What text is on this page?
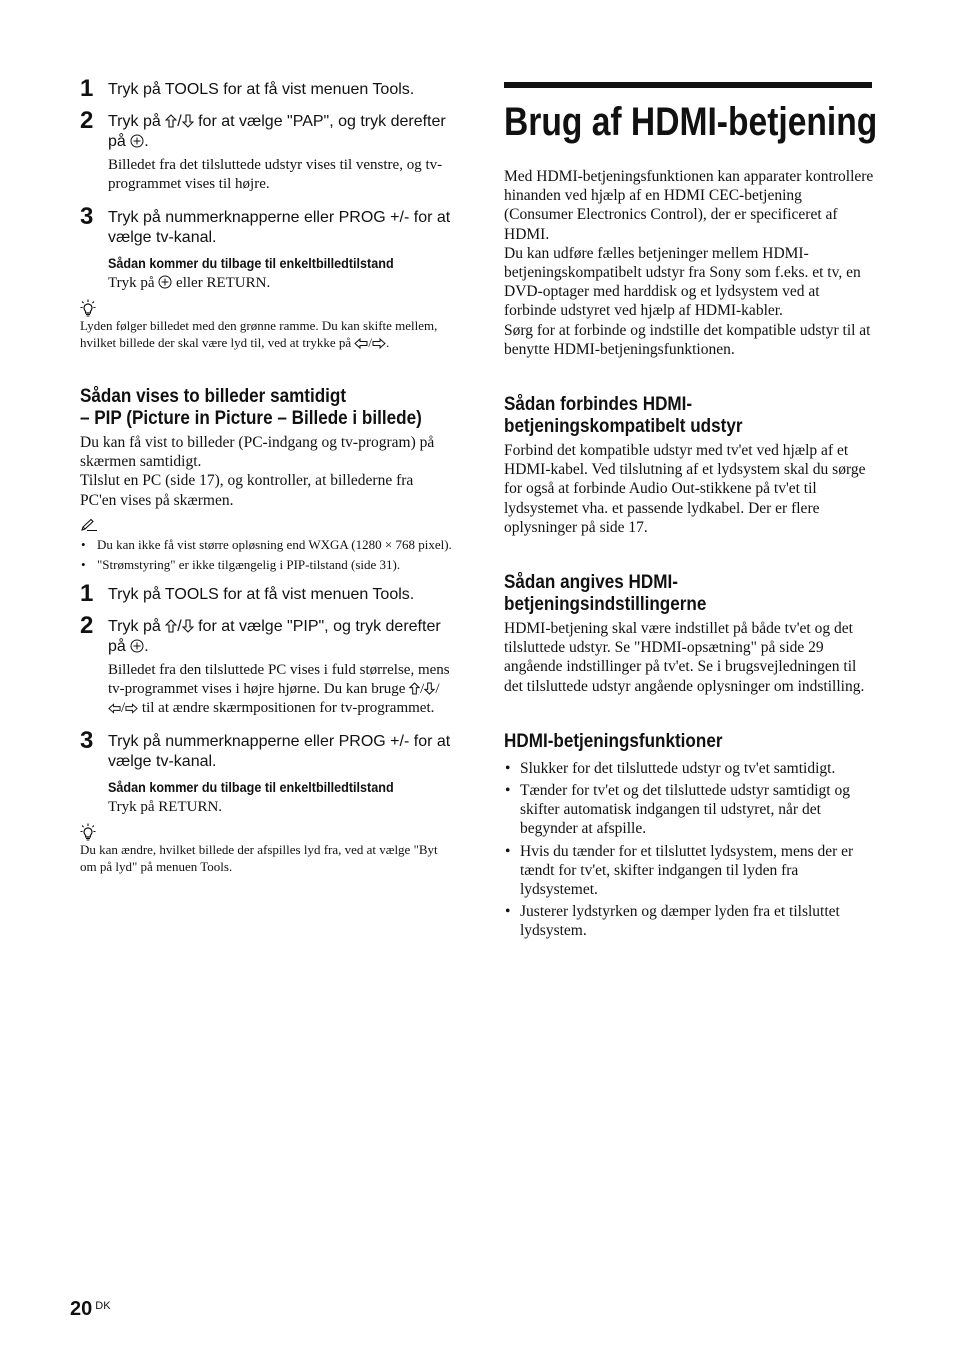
1 Tryk på TOOLS for at få vist menuen Tools.
2 Tryk på / for at vælge "PAP", og tryk derefter på .
Billedet fra det tilsluttede udstyr vises til venstre, og tv-programmet vises til højre.
3 Tryk på nummerknapperne eller PROG +/- for at vælge tv-kanal.
Sådan kommer du tilbage til enkeltbilledtilstand
Tryk på  eller RETURN.
Lyden følger billedet med den grønne ramme. Du kan skifte mellem, hvilket billede der skal være lyd til, ved at trykke på / .
Sådan vises to billeder samtidigt
– PIP (Picture in Picture – Billede i billede)

Du kan få vist to billeder (PC-indgang og tv-program) på skærmen samtidigt.

Tilslut en PC (side 17), og kontroller, at billederne fra PC'en vises på skærmen.

• Du kan ikke få vist større opløsning end WXGA (1280 × 768 pixel).
• "Strømstyring" er ikke tilgængelig i PIP-tilstand (side 31).
1 Tryk på TOOLS for at få vist menuen Tools.
2 Tryk på / for at vælge "PIP", og tryk derefter på .
Billedet fra den tilsluttede PC vises i fuld størrelse, mens tv-programmet vises i højre hjørne. Du kan bruge / // til at ændre skærmpositionen for tv-programmet.
3 Tryk på nummerknapperne eller PROG +/- for at vælge tv-kanal.
Sådan kommer du tilbage til enkeltbilledtilstand
Tryk på RETURN.
Du kan ændre, hvilket billede der afspilles lyd fra, ved at vælge "Byt om på lyd" på menuen Tools.
Brug af HDMI-betjening

Med HDMI-betjeningsfunktionen kan apparater kontrollere hinanden ved hjælp af en HDMI CEC-betjening (Consumer Electronics Control), der er specificeret af HDMI.

Du kan udføre fælles betjeninger mellem HDMI-betjeningskompatibelt udstyr fra Sony som f.eks. et tv, en DVD-optager med harddisk og et lydsystem ved at forbinde udstyret ved hjælp af HDMI-kabler.

Sørg for at forbinde og indstille det kompatible udstyr til at benytte HDMI-betjeningsfunktionen.

Sådan forbindes HDMI-
betjeningskompatibelt udstyr

Forbind det kompatible udstyr med tv'et ved hjælp af et HDMI-kabel. Ved tilslutning af et lydsystem skal du sørge for også at forbinde Audio Out-stikkene på tv'et til lydsystemet vha. et passende lydkabel. Der er flere oplysninger på side 17.

Sådan angives HDMI-
betjeningsindstillingerne

HDMI-betjening skal være indstillet på både tv'et og det tilsluttede udstyr. Se "HDMI-opsætning" på side 29 angående indstillinger på tv'et. Se i brugsvejledningen til det tilsluttede udstyr angående oplysninger om indstilling.

HDMI-betjeningsfunktioner
• Slukker for det tilsluttede udstyr og tv'et samtidigt.
• Tænder for tv'et og det tilsluttede udstyr samtidigt og skifter automatisk indgangen til udstyret, når det begynder at afspille.
• Hvis du tænder for et tilsluttet lydsystem, mens der er tændt for tv'et, skifter indgangen til lyden fra lydsystemet.
• Justerer lydstyrken og dæmper lyden fra et tilsluttet lydsystem.
20 $^{DK}$
